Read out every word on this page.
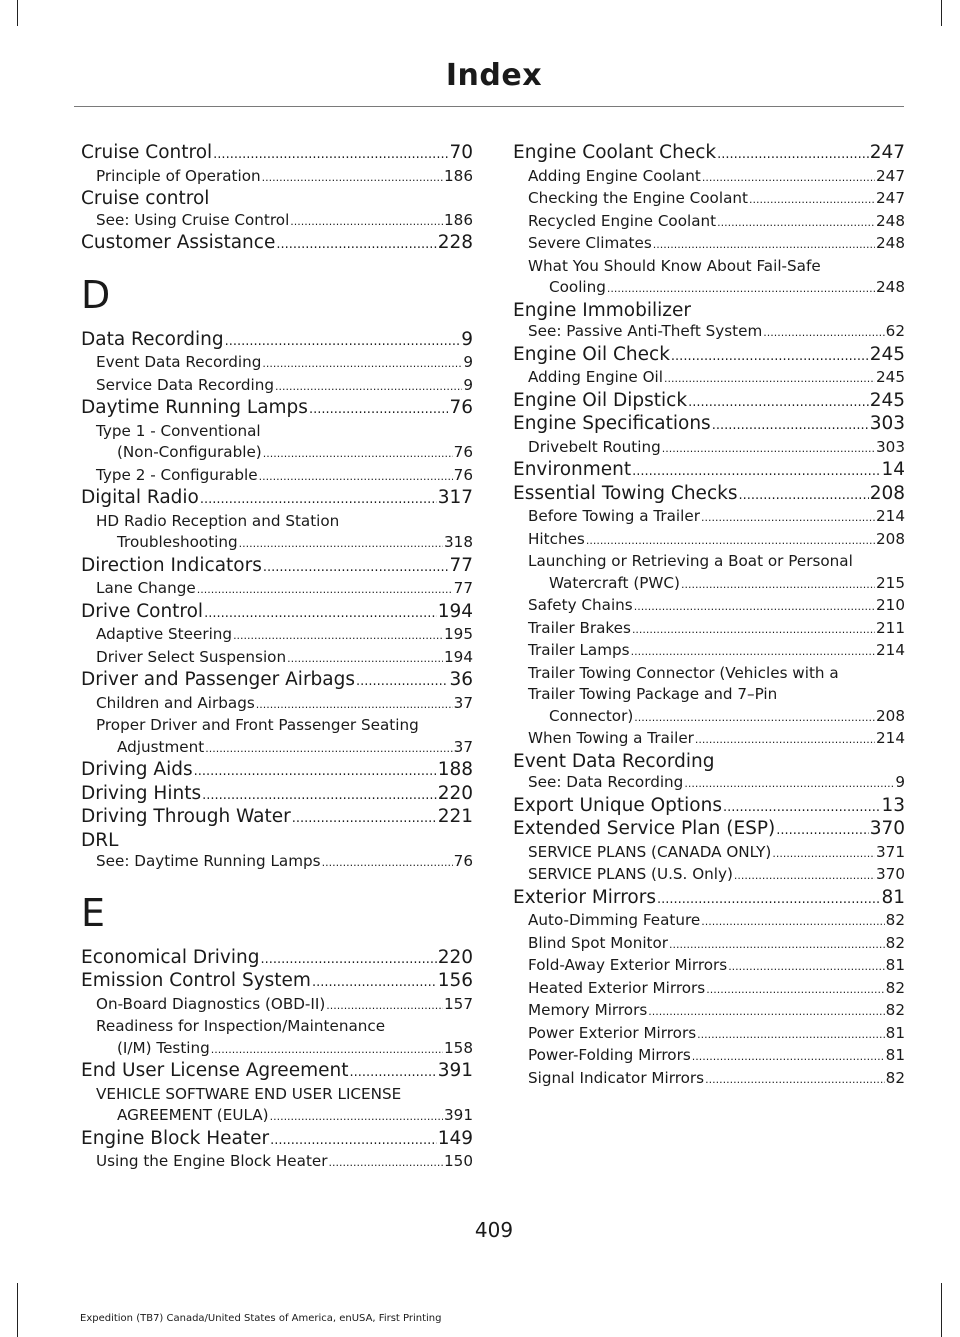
Index
Cruise Control .....	70
Principle of Operation .....	186
Cruise control
See: Using Cruise Control .....	186
Customer Assistance .....	228
D
Data Recording .....	9
Event Data Recording .....	9
Service Data Recording .....	9
Daytime Running Lamps .....	76
Type 1 - Conventional
(Non-Configurable) .....	76
Type 2 - Configurable .....	76
Digital Radio .....	317
HD Radio Reception and Station
Troubleshooting .....	318
Direction Indicators .....	77
Lane Change .....	77
Drive Control .....	194
Adaptive Steering .....	195
Driver Select Suspension .....	194
Driver and Passenger Airbags .....	36
Children and Airbags .....	37
Proper Driver and Front Passenger Seating
Adjustment .....	37
Driving Aids .....	188
Driving Hints .....	220
Driving Through Water .....	221
DRL
See: Daytime Running Lamps .....	76
E
Economical Driving .....	220
Emission Control System .....	156
On-Board Diagnostics (OBD-II) .....	157
Readiness for Inspection/Maintenance
(I/M) Testing .....	158
End User License Agreement .....	391
VEHICLE SOFTWARE END USER LICENSE
AGREEMENT (EULA) .....	391
Engine Block Heater .....	149
Using the Engine Block Heater .....	150
Engine Coolant Check .....	247
Adding Engine Coolant .....	247
Checking the Engine Coolant .....	247
Recycled Engine Coolant .....	248
Severe Climates .....	248
What You Should Know About Fail-Safe
Cooling .....	248
Engine Immobilizer
See: Passive Anti-Theft System .....	62
Engine Oil Check .....	245
Adding Engine Oil .....	245
Engine Oil Dipstick .....	245
Engine Specifications .....	303
Drivebelt Routing .....	303
Environment .....	14
Essential Towing Checks .....	208
Before Towing a Trailer .....	214
Hitches .....	208
Launching or Retrieving a Boat or Personal
Watercraft (PWC) .....	215
Safety Chains .....	210
Trailer Brakes .....	211
Trailer Lamps .....	214
Trailer Towing Connector (Vehicles with a
Trailer Towing Package and 7–Pin
Connector) .....	208
When Towing a Trailer .....	214
Event Data Recording
See: Data Recording .....	9
Export Unique Options .....	13
Extended Service Plan (ESP) .....	370
SERVICE PLANS (CANADA ONLY) .....	371
SERVICE PLANS (U.S. Only) .....	370
Exterior Mirrors .....	81
Auto-Dimming Feature .....	82
Blind Spot Monitor .....	82
Fold-Away Exterior Mirrors .....	81
Heated Exterior Mirrors .....	82
Memory Mirrors .....	82
Power Exterior Mirrors .....	81
Power-Folding Mirrors .....	81
Signal Indicator Mirrors .....	82
409
Expedition (TB7) Canada/United States of America, enUSA, First Printing
